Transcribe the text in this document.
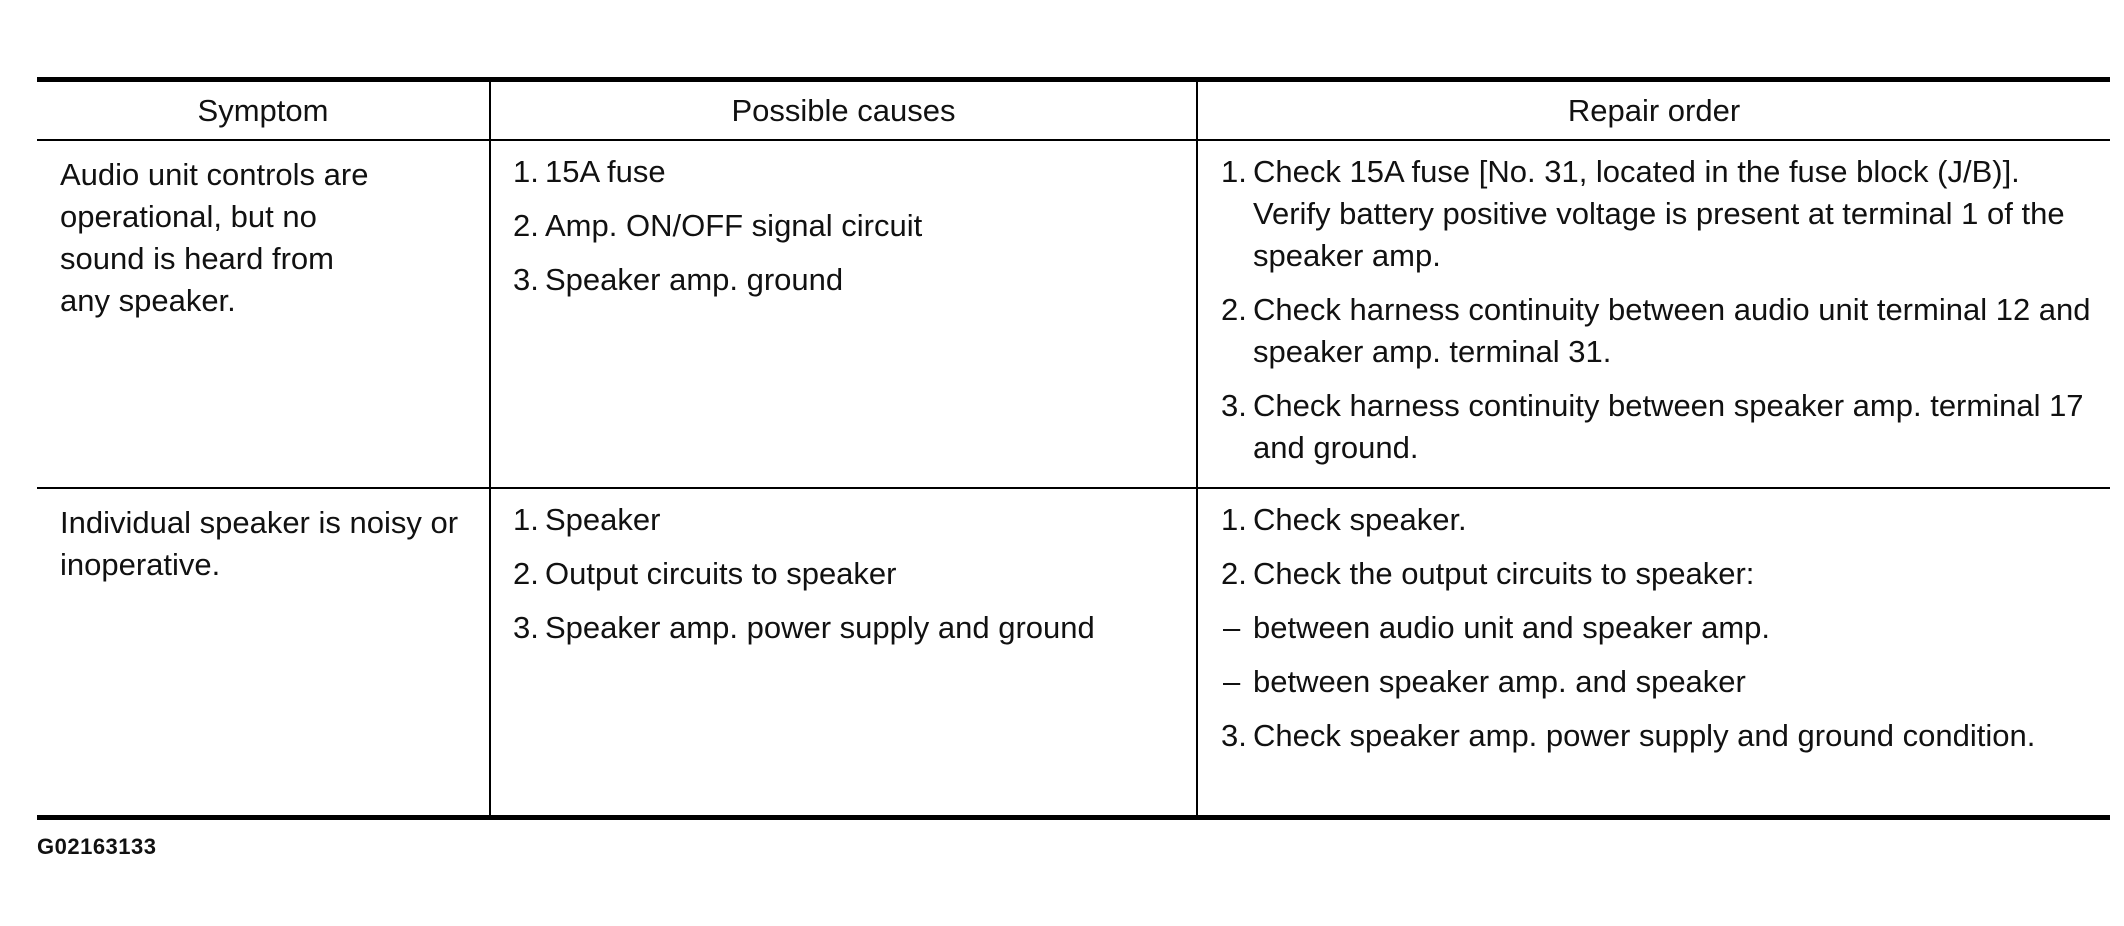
Symptom	Possible causes	Repair order
Audio unit controls are operational, but no sound is heard from any speaker.
1. 15A fuse
2. Amp. ON/OFF signal circuit
3. Speaker amp. ground
1. Check 15A fuse [No. 31, located in the fuse block (J/B)]. Verify battery positive voltage is present at terminal 1 of the speaker amp.
2. Check harness continuity between audio unit terminal 12 and speaker amp. terminal 31.
3. Check harness continuity between speaker amp. terminal 17 and ground.
Individual speaker is noisy or inoperative.
1. Speaker
2. Output circuits to speaker
3. Speaker amp. power supply and ground
1. Check speaker.
2. Check the output circuits to speaker:
– between audio unit and speaker amp.
– between speaker amp. and speaker
3. Check speaker amp. power supply and ground condition.
G02163133
